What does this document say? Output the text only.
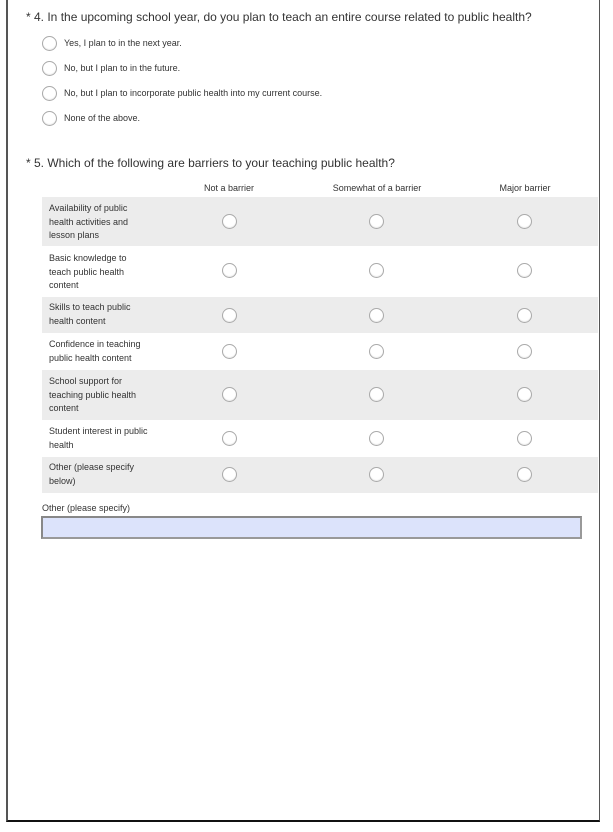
* 4. In the upcoming school year, do you plan to teach an entire course related to public health?
Yes, I plan to in the next year.
No, but I plan to in the future.
No, but I plan to incorporate public health into my current course.
None of the above.
* 5. Which of the following are barriers to your teaching public health?
Not a barrier	Somewhat of a barrier	Major barrier
Availability of public health activities and lesson plans
Basic knowledge to teach public health content
Skills to teach public health content
Confidence in teaching public health content
School support for teaching public health content
Student interest in public health
Other (please specify below)
Other (please specify)
